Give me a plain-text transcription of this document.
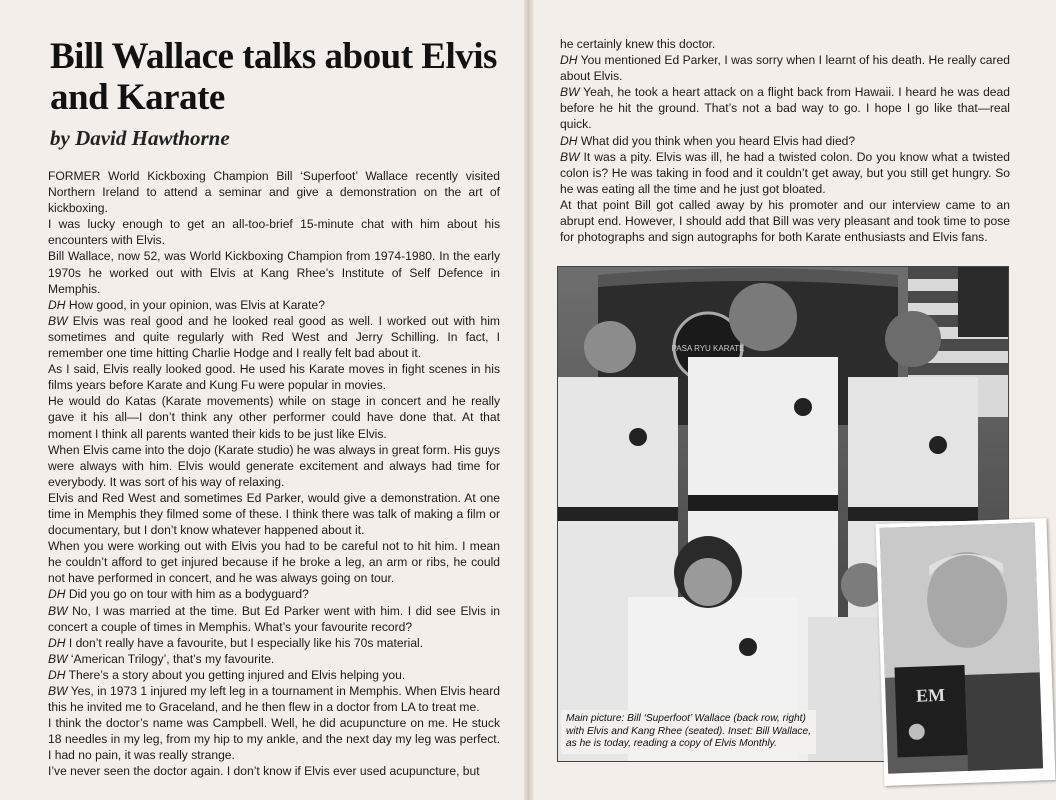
Bill Wallace talks about Elvis and Karate
by David Hawthorne

FORMER World Kickboxing Champion Bill ‘Superfoot’ Wallace recently visited Northern Ireland to attend a seminar and give a demonstration on the art of kickboxing.

I was lucky enough to get an all-too-brief 15-minute chat with him about his encounters with Elvis.

Bill Wallace, now 52, was World Kickboxing Champion from 1974-1980. In the early 1970s he worked out with Elvis at Kang Rhee’s Institute of Self Defence in Memphis.

DH How good, in your opinion, was Elvis at Karate?

BW Elvis was real good and he looked real good as well. I worked out with him sometimes and quite regularly with Red West and Jerry Schilling. In fact, I remember one time hitting Charlie Hodge and I really felt bad about it.

As I said, Elvis really looked good. He used his Karate moves in fight scenes in his films years before Karate and Kung Fu were popular in movies.

He would do Katas (Karate movements) while on stage in concert and he really gave it his all—I don’t think any other performer could have done that. At that moment I think all parents wanted their kids to be just like Elvis.

When Elvis came into the dojo (Karate studio) he was always in great form. His guys were always with him. Elvis would generate excitement and always had time for everybody. It was sort of his way of relaxing.

Elvis and Red West and sometimes Ed Parker, would give a demonstration. At one time in Memphis they filmed some of these. I think there was talk of making a film or documentary, but I don’t know whatever happened about it.

When you were working out with Elvis you had to be careful not to hit him. I mean he couldn’t afford to get injured because if he broke a leg, an arm or ribs, he could not have performed in concert, and he was always going on tour.

DH Did you go on tour with him as a bodyguard?

BW No, I was married at the time. But Ed Parker went with him. I did see Elvis in concert a couple of times in Memphis. What’s your favourite record?

DH I don’t really have a favourite, but I especially like his 70s material.

BW ‘American Trilogy’, that’s my favourite.

DH There’s a story about you getting injured and Elvis helping you.

BW Yes, in 1973 1 injured my left leg in a tournament in Memphis. When Elvis heard this he invited me to Graceland, and he then flew in a doctor from LA to treat me.

I think the doctor’s name was Campbell. Well, he did acupuncture on me. He stuck 18 needles in my leg, from my hip to my ankle, and the next day my leg was perfect. I had no pain, it was really strange.

I’ve never seen the doctor again. I don’t know if Elvis ever used acupuncture, but

he certainly knew this doctor.

DH You mentioned Ed Parker, I was sorry when I learnt of his death. He really cared about Elvis.

BW Yeah, he took a heart attack on a flight back from Hawaii. I heard he was dead before he hit the ground. That’s not a bad way to go. I hope I go like that—real quick.

DH What did you think when you heard Elvis had died?

BW It was a pity. Elvis was ill, he had a twisted colon. Do you know what a twisted colon is? He was taking in food and it couldn’t get away, but you still get hungry. So he was eating all the time and he just got bloated.

At that point Bill got called away by his promoter and our interview came to an abrupt end. However, I should add that Bill was very pleasant and took time to pose for photographs and sign autographs for both Karate enthusiasts and Elvis fans.

PASA RYU KARATE
Main picture: Bill ‘Superfoot’ Wallace (back row, right) with Elvis and Kang Rhee (seated). Inset: Bill Wallace, as he is today, reading a copy of Elvis Monthly.
EM
